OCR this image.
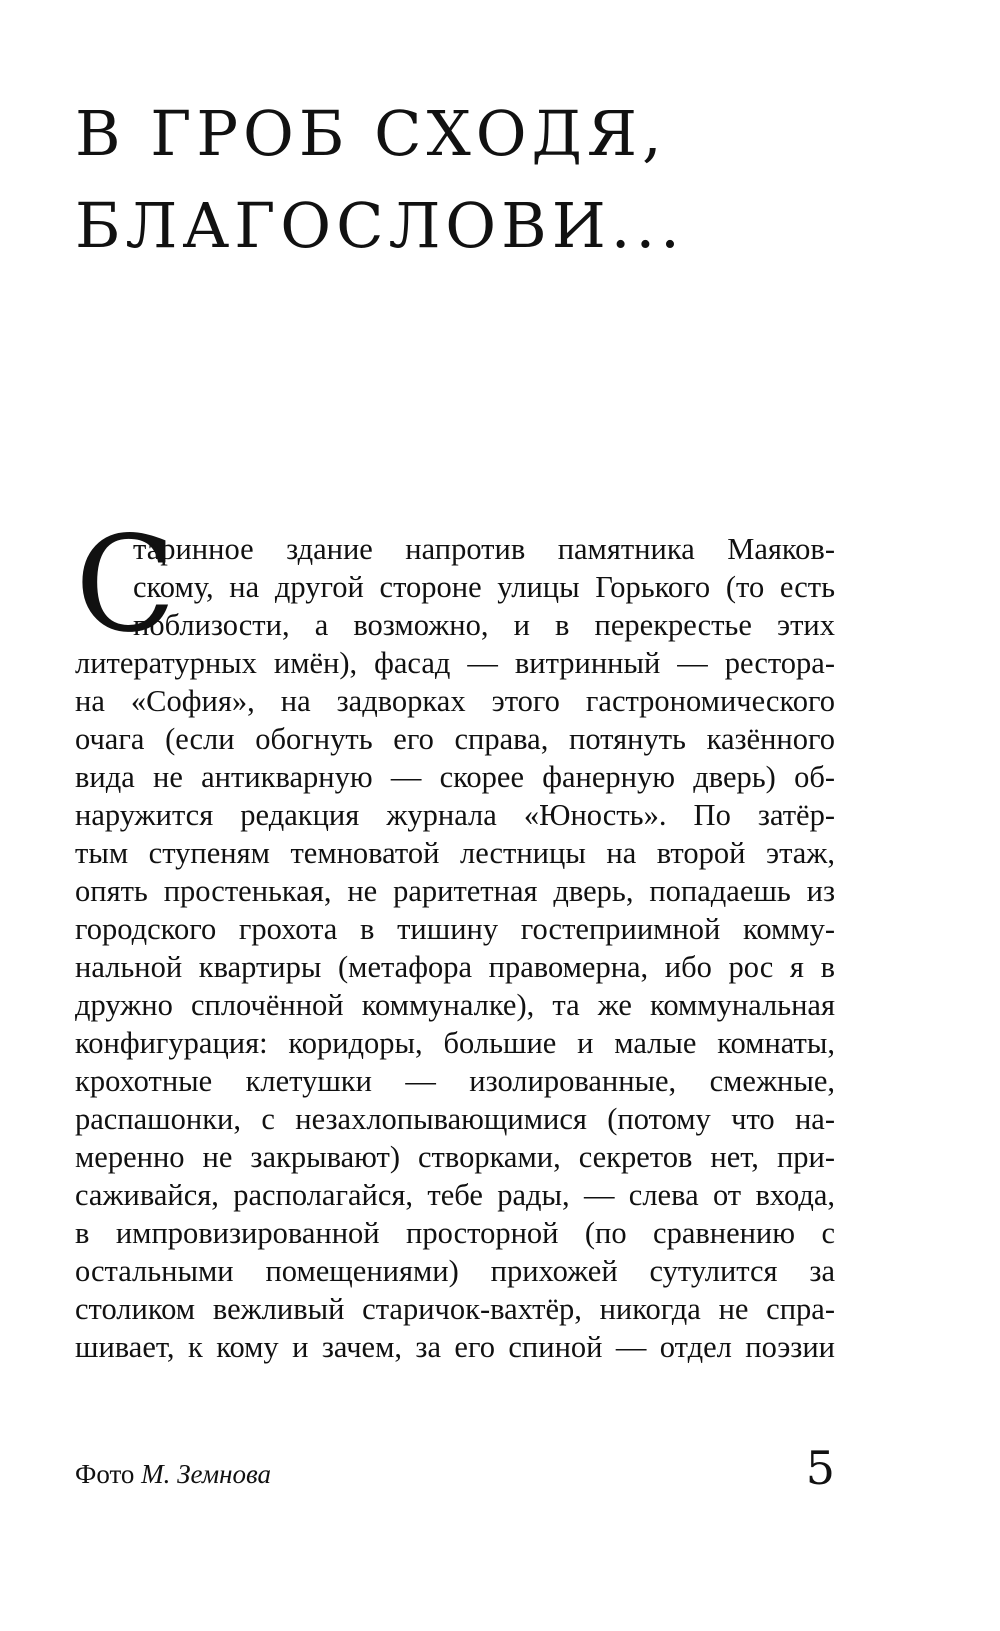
В ГРОБ СХОДЯ,
БЛАГОСЛОВИ...
С
таринное здание напротив памятника Маяков-
скому, на другой стороне улицы Горького (то есть
поблизости, а возможно, и в перекрестье этих
литературных имён), фасад — витринный — рестора-
на «София», на задворках этого гастрономического
очага (если обогнуть его справа, потянуть казённого
вида не антикварную — скорее фанерную дверь) об-
наружится редакция журнала «Юность». По затёр-
тым ступеням темноватой лестницы на второй этаж,
опять простенькая, не раритетная дверь, попадаешь из
городского грохота в тишину гостеприимной комму-
нальной квартиры (метафора правомерна, ибо рос я в
дружно сплочённой коммуналке), та же коммунальная
конфигурация: коридоры, большие и малые комнаты,
крохотные клетушки — изолированные, смежные,
распашонки, с незахлопывающимися (потому что на-
меренно не закрывают) створками, секретов нет, при-
саживайся, располагайся, тебе рады, — слева от входа,
в импровизированной просторной (по сравнению с
остальными помещениями) прихожей сутулится за
столиком вежливый старичок-вахтёр, никогда не спра-
шивает, к кому и зачем, за его спиной — отдел поэзии
Фото М. Земнова	5
